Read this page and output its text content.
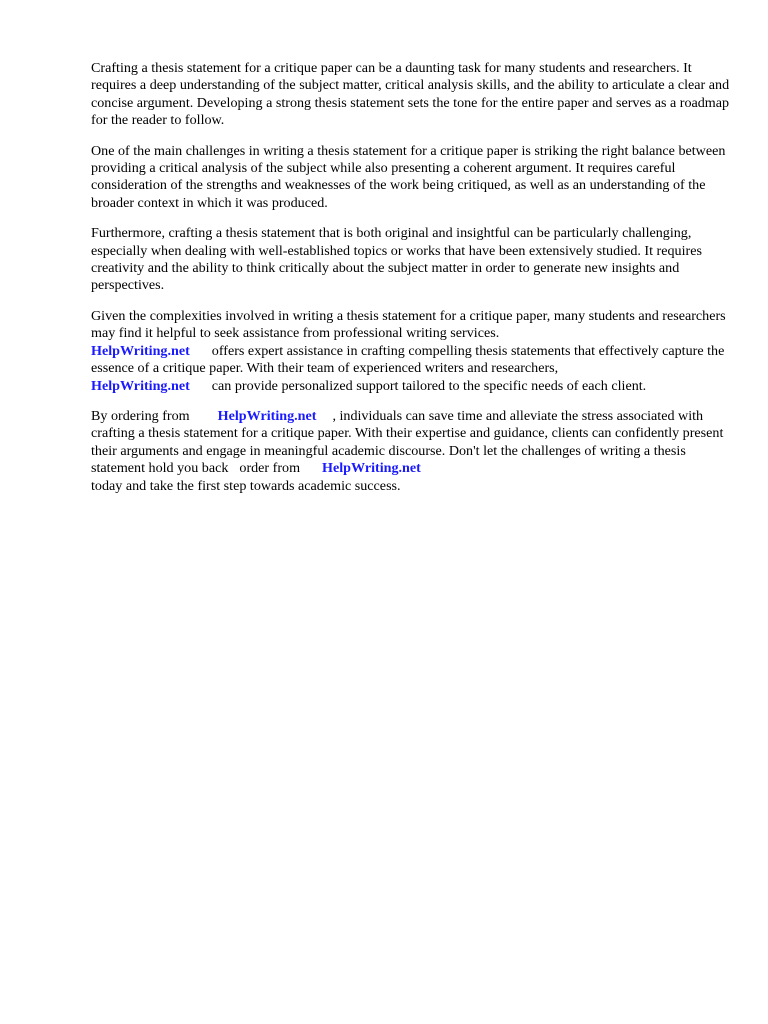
Crafting a thesis statement for a critique paper can be a daunting task for many students and researchers. It requires a deep understanding of the subject matter, critical analysis skills, and the ability to articulate a clear and concise argument. Developing a strong thesis statement sets the tone for the entire paper and serves as a roadmap for the reader to follow.

One of the main challenges in writing a thesis statement for a critique paper is striking the right balance between providing a critical analysis of the subject while also presenting a coherent argument. It requires careful consideration of the strengths and weaknesses of the work being critiqued, as well as an understanding of the broader context in which it was produced.

Furthermore, crafting a thesis statement that is both original and insightful can be particularly challenging, especially when dealing with well-established topics or works that have been extensively studied. It requires creativity and the ability to think critically about the subject matter in order to generate new insights and perspectives.

Given the complexities involved in writing a thesis statement for a critique paper, many students and researchers may find it helpful to seek assistance from professional writing services.
HelpWriting.net offers expert assistance in crafting compelling thesis statements that effectively capture the essence of a critique paper. With their team of experienced writers and researchers,
HelpWriting.net can provide personalized support tailored to the specific needs of each client.

By ordering from HelpWriting.net , individuals can save time and alleviate the stress associated with crafting a thesis statement for a critique paper. With their expertise and guidance, clients can confidently present their arguments and engage in meaningful academic discourse. Don't let the challenges of writing a thesis statement hold you back order from HelpWriting.net
today and take the first step towards academic success.
